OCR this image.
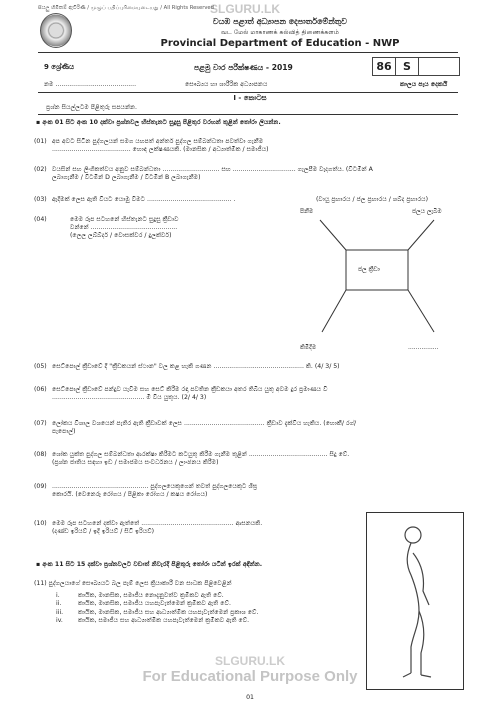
SLGURU.LK
සියලු හිමිකම් ඇවිරිණි / முழுப் பதிப்புரிமையுடையது / All Rights Reserved
වයඹ පළාත් අධ්‍යාපන දෙපාර්තමේන්තුව
வட மேல் மாகாணக் கல்வித் திணைக்களம்
Provincial Department of Education - NWP
9 ශ්‍රේණිය	පළමු වාර පරීක්ෂණය - 2019	86	S
නම .........................................	සෞඛ්‍යය හා ශාරීරික අධ්‍යාපනය	කාලය පැය දෙකයි
I - කොටස
ප්‍රශ්න සියල්ලටම පිළිතුරු සපයන්න.
▪ අංක 01 සිට අංක 10 දක්වා ප්‍රශ්නවල හිස්තැනට සුදුසු පිළිතුර වරහන් තුළින් තෝරා ලියන්න.
(01) අප අවට සිටින පුද්ගලයන් සමග යහපත් අන්තර් පුද්ගල සම්බන්ධතා පවත්වා ගැනීම
........................................ හොඳ ලක්ෂණයකි. (මානසික / අධ්‍යාත්මික / සමාජීය)
(02) වයසින් සහ ලිංගිකත්වය අනුව සම්බන්ධතා ............................. සහ ................................ ගැලපීම වැදගත්ය. (විටමින් A
ලබාගැනීම / විටමින් D ලබාගැනීම / විටමින් B ලබාගැනීම)
(03) ඇදීමක් ලෙස ඇති වියට යොමු වීමට ........................................... .	(වායු ප්‍රහාරය / ජල ප්‍රහාරය / ශබ්ද ප්‍රහාරය)
(04)	මෙම රූප සටහනේ හිස්තැනට සුදුසු ක්‍රීඩාව
වන්නේ ............................................
(ලෙල ලබ්බ්දර් / වොසක්වර / දුලක්වර්)
පිනීම	ජලය ලැබීම
ජල ක්‍රීඩා
කිමිදීම	................
(05) සෙට්පොල් ක්‍රීඩාවේ දී "ක්‍රීඩකයන් ස්ථාන" වල කළ හැකි ගණන .............................................. කි. (4/ 3/ 5)
(06) සෙට්පොල් ක්‍රීඩාවේ පන්දුව යැවීම සහ සෙට් කිරීම රඳා පවතින ක්‍රීඩකයා අතර තිබිය යුතු අවම දුර ප්‍රමාණය වී
............................................... මී විය යුතුය. (2/ 4/ 3)
(07) ලෝකය විශාල වශයෙන් පැතිර ඇති ක්‍රීඩාවක් ලෙස ......................................... ක්‍රීඩාව දැක්විය හැකිය. (හොකී/ රග්/
පැපොල්)
(08) ශෝක යුක්ත පුද්ගල සම්බන්ධතා ආරක්ෂා කිරීමට කටයුතු කිරීම ගැනීම තුළින් ........................................ සිදු වේ.
(ප්‍රශ්න ජාතිය සඳහා ඉඩ / සමාජමය සංවර්ධනය / ලාංඡනය කිරීම)
(09) ................................................. පුද්ගලයෙකුගෙන් තවත් පුද්ගලයෙකුට ශීඝ්‍ර
කොරයි. (වෙනෙරූ රෝගය / පිළිකා රෝගය / කෂය රෝගය)
(10) මෙම රූප සටහනේ දක්වා ඇත්තේ ............................................... ආසනයකි.
(ද‍ණ්ඩ ඉරියව් / ඉදි ඉරියව් / සිටි ඉරියව්)
▪ අංක 11 සිට 15 දක්වා ප්‍රශ්නවලට වඩාත් නිවැරදි පිළිතුරු තෝරා යටින් ඉරක් අඳින්න.
(11) පුද්ගලයාගේ සෞඛ්‍යයට බල පෑම් ලෙස ක්‍රියාකාරී වන සාධක පිළිවෙළින්
i.	කායික, මානසික, සමාජීය නොදැනුවත්ව ක්‍රමිකව ඇති වේ.
ii.	කායික, මානසික, සමාජීය යහපැවැත්මෙන් ක්‍රමිකව ඇති වේ.
iii.	කායික, මානසික, සමාජීය සහ ආධ්‍යාත්මික යහපැවැත්මෙන් ප්‍රකාශ වේ.
iv.	කායික, සමාජීය සහ ආධ්‍යාත්මික යහපැවැත්මෙන් ක්‍රමිකව ඇති වේ.
SLGURU.LK
For Educational Purpose Only
01
